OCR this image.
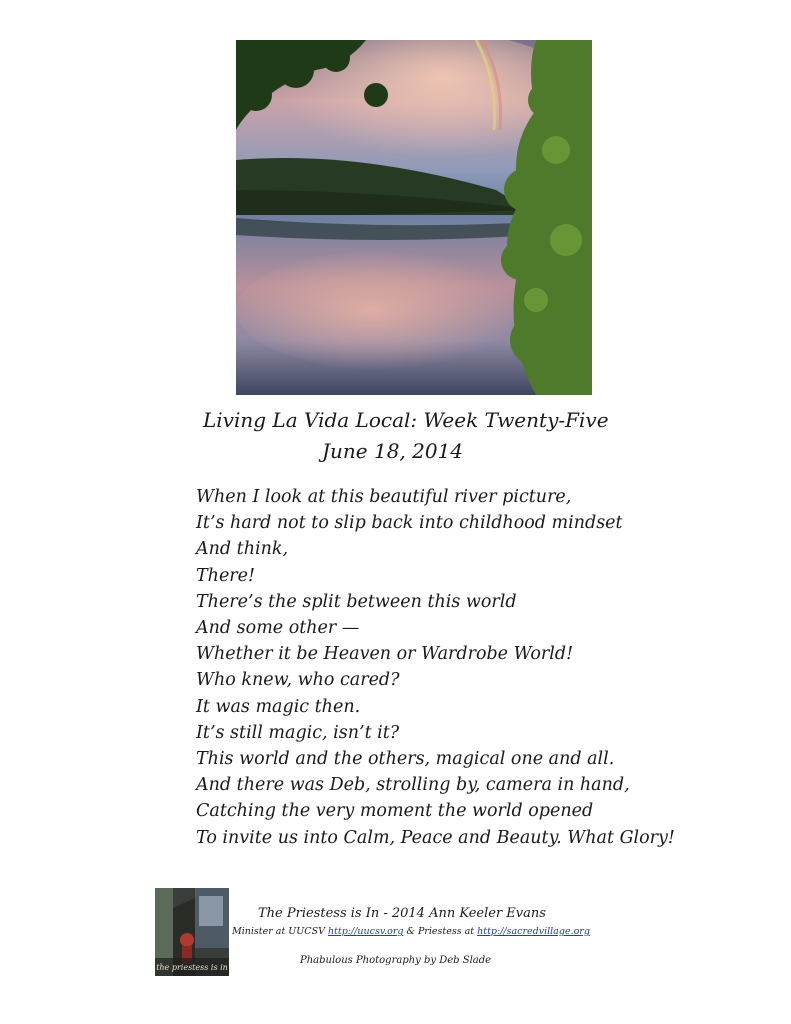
Living La Vida Local: Week Twenty-Five
June 18, 2014
When I look at this beautiful river picture,
It’s hard not to slip back into childhood mindset
And think,
There!
There’s the split between this world
And some other —
Whether it be Heaven or Wardrobe World!
Who knew, who cared?
It was magic then.
It’s still magic, isn’t it?
This world and the others, magical one and all.
And there was Deb, strolling by, camera in hand,
Catching the very moment the world opened
To invite us into Calm, Peace and Beauty. What Glory!
the priestess is in
The Priestess is In - 2014 Ann Keeler Evans
Minister at UUCSV http://uucsv.org & Priestess at http://sacredvillage.org
Phabulous Photography by Deb Slade
